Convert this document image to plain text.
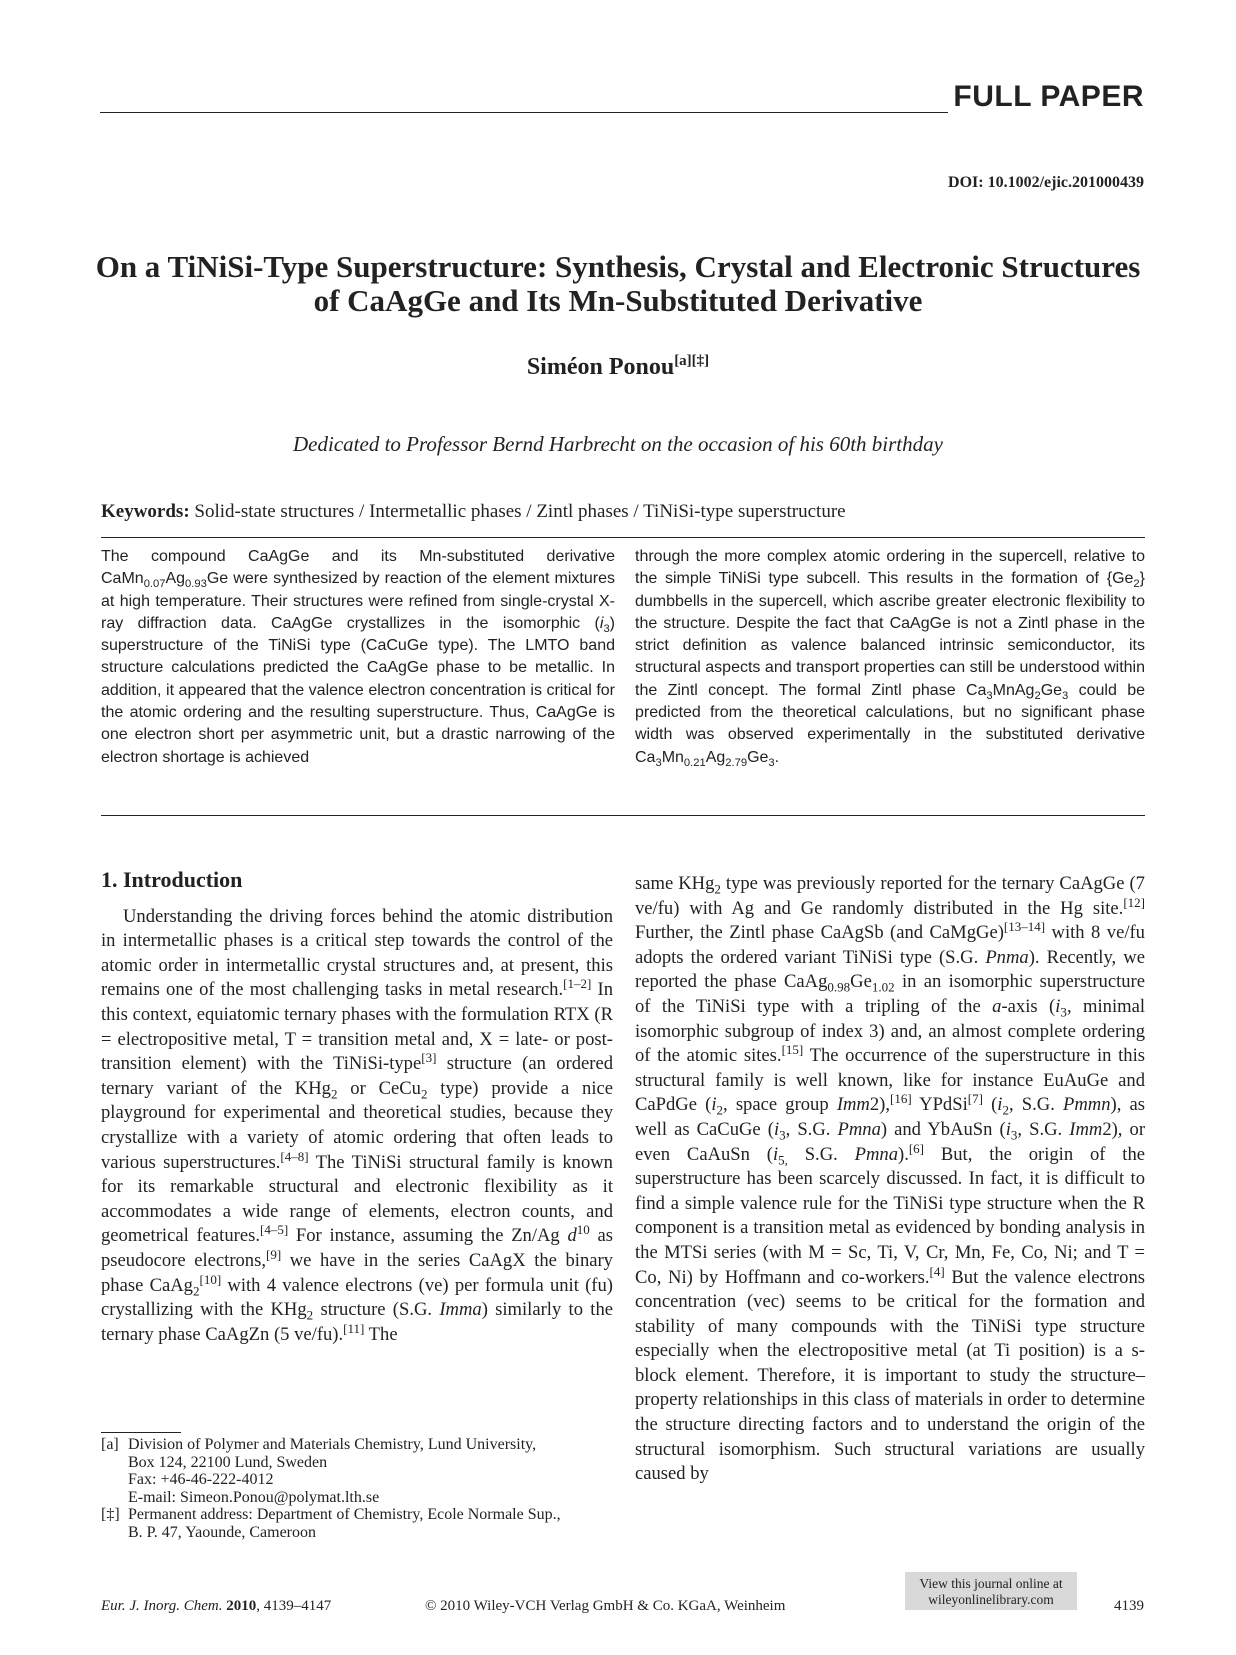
FULL PAPER
DOI: 10.1002/ejic.201000439
On a TiNiSi-Type Superstructure: Synthesis, Crystal and Electronic Structures
of CaAgGe and Its Mn-Substituted Derivative
Siméon Ponou[a][‡]
Dedicated to Professor Bernd Harbrecht on the occasion of his 60th birthday
Keywords: Solid-state structures / Intermetallic phases / Zintl phases / TiNiSi-type superstructure

The compound CaAgGe and its Mn-substituted derivative $CaMn_{0.07}Ag_{0.93}Ge$ were synthesized by reaction of the element mixtures at high temperature. Their structures were refined from single-crystal X-ray diffraction data. CaAgGe crystallizes in the isomorphic $(i_3)$ superstructure of the TiNiSi type (CaCuGe type). The LMTO band structure calculations predicted the CaAgGe phase to be metallic. In addition, it appeared that the valence electron concentration is critical for the atomic ordering and the resulting superstructure. Thus, CaAgGe is one electron short per asymmetric unit, but a drastic narrowing of the electron shortage is achieved

through the more complex atomic ordering in the supercell, relative to the simple TiNiSi type subcell. This results in the formation of $\{Ge_2\}$ dumbbells in the supercell, which ascribe greater electronic flexibility to the structure. Despite the fact that CaAgGe is not a Zintl phase in the strict definition as valence balanced intrinsic semiconductor, its structural aspects and transport properties can still be understood within the Zintl concept. The formal Zintl phase $Ca_3MnAg_2Ge_3$ could be predicted from the theoretical calculations, but no significant phase width was observed experimentally in the substituted derivative $Ca_3Mn_{0.21}Ag_{2.79}Ge_3$.

1. Introduction

Understanding the driving forces behind the atomic distribution in intermetallic phases is a critical step towards the control of the atomic order in intermetallic crystal structures and, at present, this remains one of the most challenging tasks in metal research.[1–2] In this context, equiatomic ternary phases with the formulation RTX (R = electropositive metal, T = transition metal and, X = late- or post-transition element) with the TiNiSi-type[3] structure (an ordered ternary variant of the KHg$_2$ or CeCu$_2$ type) provide a nice playground for experimental and theoretical studies, because they crystallize with a variety of atomic ordering that often leads to various superstructures.[4–8] The TiNiSi structural family is known for its remarkable structural and electronic flexibility as it accommodates a wide range of elements, electron counts, and geometrical features.[4–5] For instance, assuming the Zn/Ag $d^{10}$ as pseudocore electrons,[9] we have in the series CaAgX the binary phase CaAg$_2$[10] with 4 valence electrons (ve) per formula unit (fu) crystallizing with the KHg$_2$ structure (S.G. Imma) similarly to the ternary phase CaAgZn (5 ve/fu).[11] The

same KHg$_2$ type was previously reported for the ternary CaAgGe (7 ve/fu) with Ag and Ge randomly distributed in the Hg site.[12] Further, the Zintl phase CaAgSb (and CaMgGe)[13–14] with 8 ve/fu adopts the ordered variant TiNiSi type (S.G. Pnma). Recently, we reported the phase $CaAg_{0.98}Ge_{1.02}$ in an isomorphic superstructure of the TiNiSi type with a tripling of the a-axis ($i_3$, minimal isomorphic subgroup of index 3) and, an almost complete ordering of the atomic sites.[15] The occurrence of the superstructure in this structural family is well known, like for instance EuAuGe and CaPdGe ($i_2$, space group Imm2),[16] YPdSi[7] ($i_2$, S.G. Pmmn), as well as CaCuGe ($i_3$, S.G. Pmna) and YbAuSn ($i_3$, S.G. Imm2), or even CaAuSn ($i_{5,}$ S.G. Pmna).[6] But, the origin of the superstructure has been scarcely discussed. In fact, it is difficult to find a simple valence rule for the TiNiSi type structure when the R component is a transition metal as evidenced by bonding analysis in the MTSi series (with M = Sc, Ti, V, Cr, Mn, Fe, Co, Ni; and T = Co, Ni) by Hoffmann and co-workers.[4] But the valence electrons concentration (vec) seems to be critical for the formation and stability of many compounds with the TiNiSi type structure especially when the electropositive metal (at Ti position) is a s-block element. Therefore, it is important to study the structure–property relationships in this class of materials in order to determine the structure directing factors and to understand the origin of the structural isomorphism. Such structural variations are usually caused by

[a] Division of Polymer and Materials Chemistry, Lund University,
Box 124, 22100 Lund, Sweden
Fax: +46-46-222-4012
E-mail: Simeon.Ponou@polymat.lth.se
[‡] Permanent address: Department of Chemistry, Ecole Normale Sup.,
B. P. 47, Yaounde, Cameroon
Eur. J. Inorg. Chem. 2010, 4139–4147	© 2010 Wiley-VCH Verlag GmbH & Co. KGaA, Weinheim
View this journal online at
wileyonlinelibrary.com	4139
